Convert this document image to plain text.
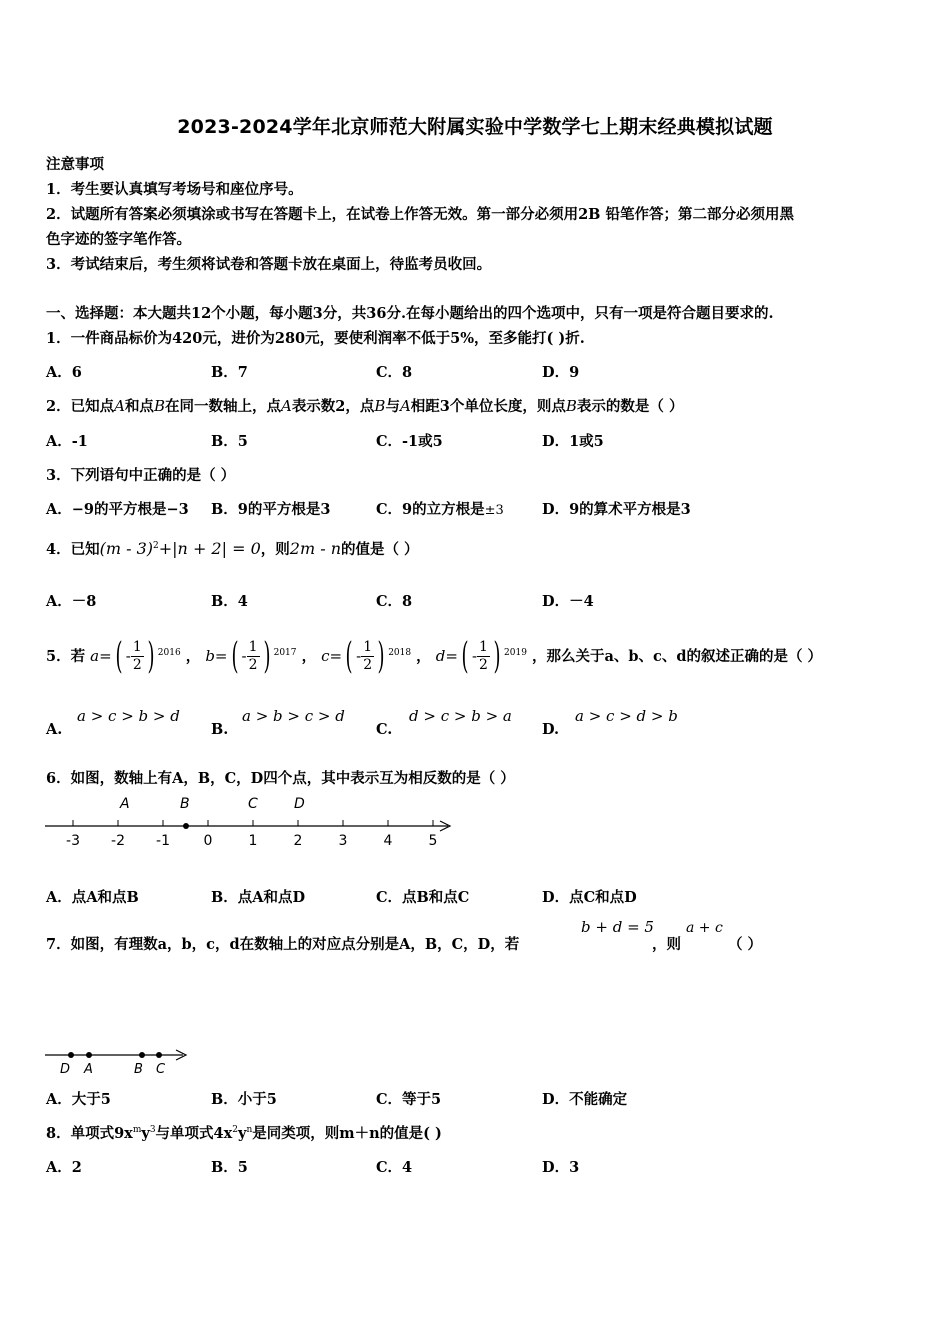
2023-2024学年北京师范大附属实验中学数学七上期末经典模拟试题
注意事项
1．考生要认真填写考场号和座位序号。
2．试题所有答案必须填涂或书写在答题卡上，在试卷上作答无效。第一部分必须用2B 铅笔作答；第二部分必须用黑
色字迹的签字笔作答。
3．考试结束后，考生须将试卷和答题卡放在桌面上，待监考员收回。
一、选择题：本大题共12个小题，每小题3分，共36分.在每小题给出的四个选项中，只有一项是符合题目要求的.
1．一件商品标价为420元，进价为280元，要使利润率不低于5%，至多能打( )折.
A．6	B．7	C．8	D．9
2．已知点A和点B在同一数轴上，点A表示数2，点B与A相距3个单位长度，则点B表示的数是（ ）
A．-1	B．5	C．-1或5	D．1或5
3．下列语句中正确的是（ ）
A．−9的平方根是−3 B．9的平方根是3	C．9的立方根是±3	D．9的算术平方根是3
4．已知(m - 3)$^2$+|n + 2| = 0，则2m - n的值是（ ）
A．－8	B．4	C．8	D．－4
5．若 $a=( - \frac{1}{2}$ ) $^{2016}$ ， $b=( - \frac{1}{2}$ ) $^{2017}$ ， $c=( - \frac{1}{2}$ ) $^{2018}$ ， $d=( - \frac{1}{2}$ ) $^{2019}$ ，那么关于a、b、c、d的叙述正确的是（ ）
A.
a > c > b > d
B.
a > b > c > d
C.
d > c > b > a
D.
a > c > d > b
6．如图，数轴上有A，B，C，D四个点，其中表示互为相反数的是（ ）
-3 -2 -1 0	1	2	3	4	5
A	B	C	D
A．点A和点B	B．点A和点D	C．点B和点C	D．点C和点D
7．如图，有理数a，b，c，d在数轴上的对应点分别是A，B，C，D，若
b + d = 5
，则
a + c
（ ）
D A	B C
A．大于5	B．小于5	C．等于5	D．不能确定
8．单项式$9x^my^3$与单项式$4x^2y^n$是同类项，则m＋n的值是( )
A．2	B．5	C．4	D．3
